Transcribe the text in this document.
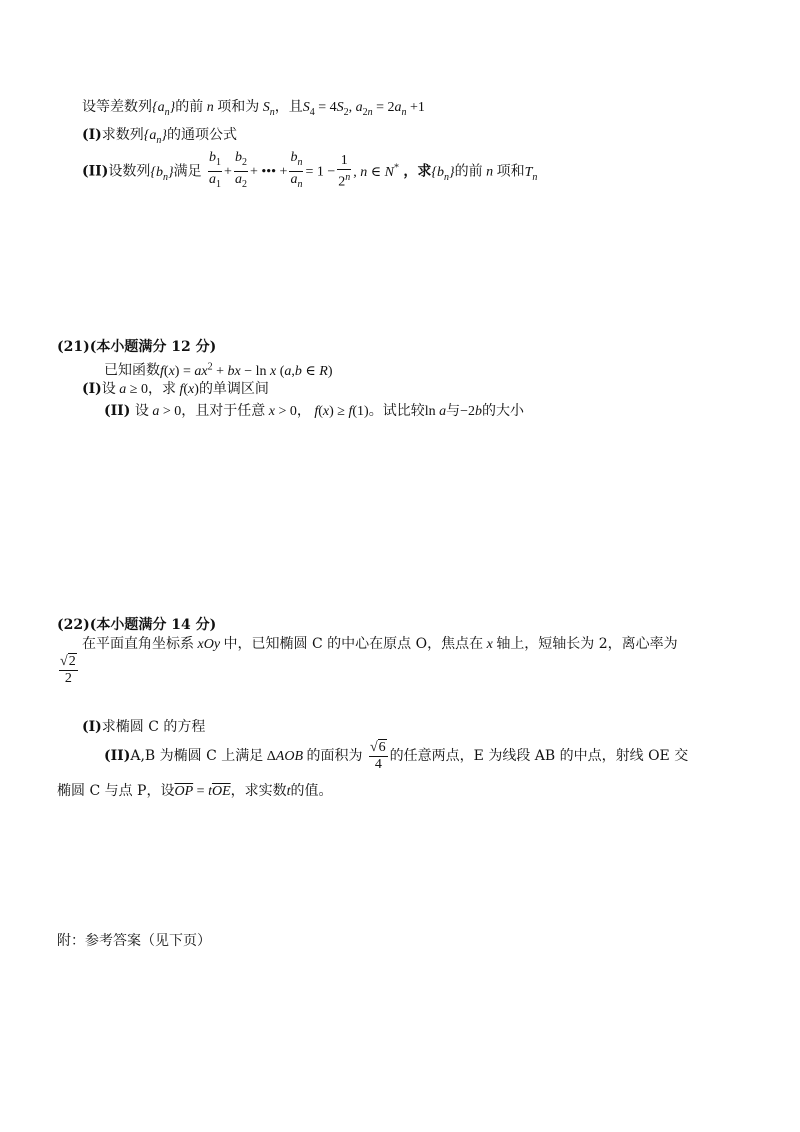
设等差数列$\{a_n\}$的前 n 项和为 $S_n$，且$S_4 = 4S_2$, $a_{2n} = 2a_n +1$
(I)求数列$\{a_n\}$的通项公式
(II)设数列$\{b_n\}$满足 $\frac{b_1}{a_1} + \frac{b_2}{a_2}$ + ••• + $\frac{b_n}{a_n} = 1 - \frac{1}{2^n}$ , n ∈ N* ，求$\{b_n\}$的前 n 项和$T_n$
(21)(本小题满分 12 分)
已知函数$f(x) = ax^2$ + bx − ln x (a,b ∈ R)
(I)设 a ≥ 0，求 f(x)的单调区间
(II) 设 a > 0，且对于任意 x > 0， f(x) ≥ f(1)。试比较ln a与−2b的大小
(22)(本小题满分 14 分)
在平面直角坐标系 xOy 中，已知椭圆 C 的中心在原点 O，焦点在 x 轴上，短轴长为 2，离心率为
$\frac{√2}{2}$
(I)求椭圆 C 的方程
(II)A,B 为椭圆 C 上满足 ΔAOB 的面积为 $\frac{√6}{4}$ 的任意两点，E 为线段 AB 的中点，射线 OE 交
椭圆 C 与点 P，设$\overline{OP} = t\overline{OE}$，求实数t的值。
附：参考答案（见下页）
